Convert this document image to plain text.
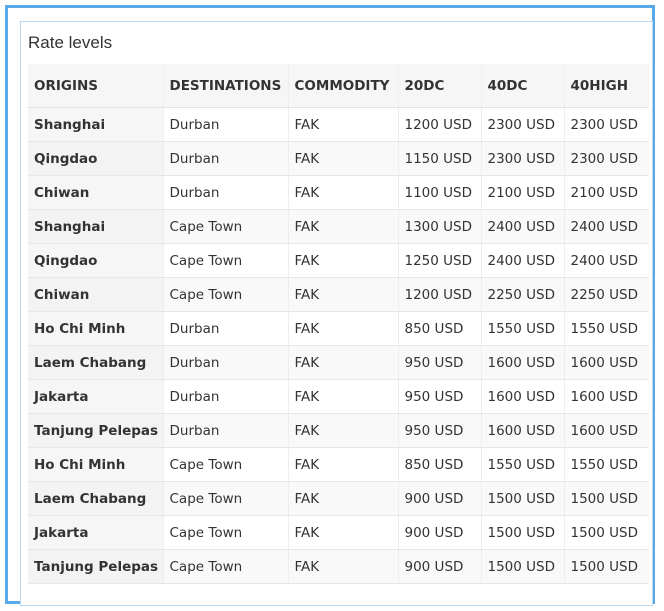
Rate levels
ORIGINS	DESTINATIONS	COMMODITY	20DC	40DC	40HIGH
Shanghai	Durban	FAK	1200 USD	2300 USD	2300 USD
Qingdao	Durban	FAK	1150 USD	2300 USD	2300 USD
Chiwan	Durban	FAK	1100 USD	2100 USD	2100 USD
Shanghai	Cape Town	FAK	1300 USD	2400 USD	2400 USD
Qingdao	Cape Town	FAK	1250 USD	2400 USD	2400 USD
Chiwan	Cape Town	FAK	1200 USD	2250 USD	2250 USD
Ho Chi Minh	Durban	FAK	850 USD	1550 USD	1550 USD
Laem Chabang	Durban	FAK	950 USD	1600 USD	1600 USD
Jakarta	Durban	FAK	950 USD	1600 USD	1600 USD
Tanjung Pelepas	Durban	FAK	950 USD	1600 USD	1600 USD
Ho Chi Minh	Cape Town	FAK	850 USD	1550 USD	1550 USD
Laem Chabang	Cape Town	FAK	900 USD	1500 USD	1500 USD
Jakarta	Cape Town	FAK	900 USD	1500 USD	1500 USD
Tanjung Pelepas	Cape Town	FAK	900 USD	1500 USD	1500 USD
